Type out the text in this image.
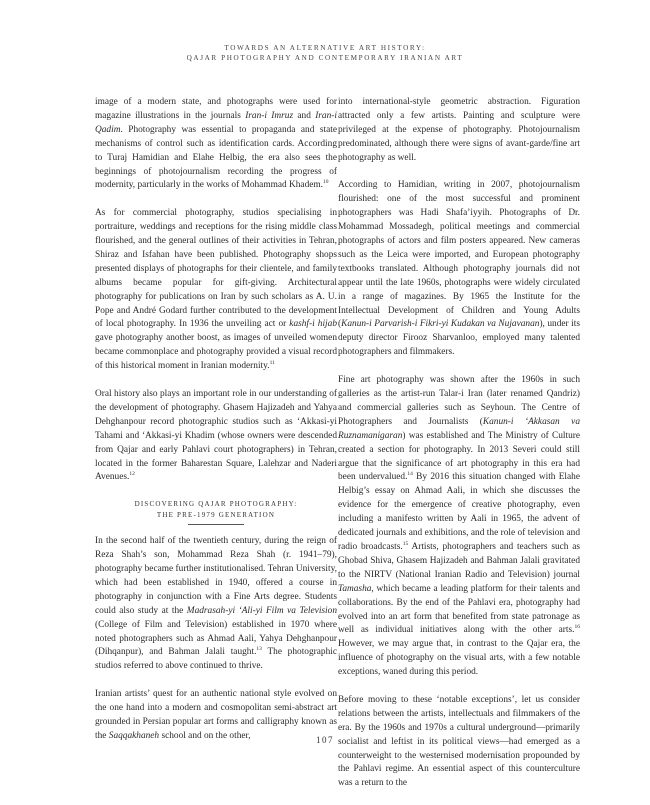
TOWARDS AN ALTERNATIVE ART HISTORY:
QAJAR PHOTOGRAPHY AND CONTEMPORARY IRANIAN ART

image of a modern state, and photographs were used for magazine illustrations in the journals Iran-i Imruz and Iran-i Qadim. Photography was essential to propaganda and state mechanisms of control such as identification cards. According to Turaj Hamidian and Elahe Helbig, the era also sees the beginnings of photojournalism recording the progress of modernity, particularly in the works of Mohammad Khadem.$^{10}$

As for commercial photography, studios specialising in portraiture, weddings and receptions for the rising middle class flourished, and the general outlines of their activities in Tehran, Shiraz and Isfahan have been published. Photography shops presented displays of photographs for their clientele, and family albums became popular for gift-giving. Architectural photography for publications on Iran by such scholars as A. U. Pope and André Godard further contributed to the development of local photography. In 1936 the unveiling act or kashf-i hijab gave photography another boost, as images of unveiled women became commonplace and photography provided a visual record of this historical moment in Iranian modernity.$^{11}$

Oral history also plays an important role in our understanding of the development of photography. Ghasem Hajizadeh and Yahya Dehghanpour record photographic studios such as ‘Akkasi-yi Tahami and ‘Akkasi-yi Khadim (whose owners were descended from Qajar and early Pahlavi court photographers) in Tehran, located in the former Baharestan Square, Lalehzar and Naderi Avenues.$^{12}$

DISCOVERING QAJAR PHOTOGRAPHY:
THE PRE-1979 GENERATION

In the second half of the twentieth century, during the reign of Reza Shah’s son, Mohammad Reza Shah (r. 1941–79), photography became further institutionalised. Tehran University, which had been established in 1940, offered a course in photography in conjunction with a Fine Arts degree. Students could also study at the Madrasah-yi ‘Ali-yi Film va Television (College of Film and Television) established in 1970 where noted photographers such as Ahmad Aali, Yahya Dehghanpour (Dihqanpur), and Bahman Jalali taught.$^{13}$ The photographic studios referred to above continued to thrive.

Iranian artists’ quest for an authentic national style evolved on the one hand into a modern and cosmopolitan semi-abstract art grounded in Persian popular art forms and calligraphy known as the Saqqakhaneh school and on the other,

into international-style geometric abstraction. Figuration attracted only a few artists. Painting and sculpture were privileged at the expense of photography. Photojournalism predominated, although there were signs of avant-garde/fine art photography as well.

According to Hamidian, writing in 2007, photojournalism flourished: one of the most successful and prominent photographers was Hadi Shafa’iyyih. Photographs of Dr. Mohammad Mossadegh, political meetings and commercial photographs of actors and film posters appeared. New cameras such as the Leica were imported, and European photography textbooks translated. Although photography journals did not appear until the late 1960s, photographs were widely circulated in a range of magazines. By 1965 the Institute for the Intellectual Development of Children and Young Adults (Kanun-i Parvarish-i Fikri-yi Kudakan va Nujavanan), under its deputy director Firooz Sharvanloo, employed many talented photographers and filmmakers.

Fine art photography was shown after the 1960s in such galleries as the artist-run Talar-i Iran (later renamed Qandriz) and commercial galleries such as Seyhoun. The Centre of Photographers and Journalists (Kanun-i ‘Akkasan va Ruznamanigaran) was established and The Ministry of Culture created a section for photography. In 2013 Severi could still argue that the significance of art photography in this era had been undervalued.$^{14}$ By 2016 this situation changed with Elahe Helbig’s essay on Ahmad Aali, in which she discusses the evidence for the emergence of creative photography, even including a manifesto written by Aali in 1965, the advent of dedicated journals and exhibitions, and the role of television and radio broadcasts.$^{15}$ Artists, photographers and teachers such as Ghobad Shiva, Ghasem Hajizadeh and Bahman Jalali gravitated to the NIRTV (National Iranian Radio and Television) journal Tamasha, which became a leading platform for their talents and collaborations. By the end of the Pahlavi era, photography had evolved into an art form that benefited from state patronage as well as individual initiatives along with the other arts.$^{16}$ However, we may argue that, in contrast to the Qajar era, the influence of photography on the visual arts, with a few notable exceptions, waned during this period.

Before moving to these ‘notable exceptions’, let us consider relations between the artists, intellectuals and filmmakers of the era. By the 1960s and 1970s a cultural underground—primarily socialist and leftist in its political views—had emerged as a counterweight to the westernised modernisation propounded by the Pahlavi regime. An essential aspect of this counterculture was a return to the

107
